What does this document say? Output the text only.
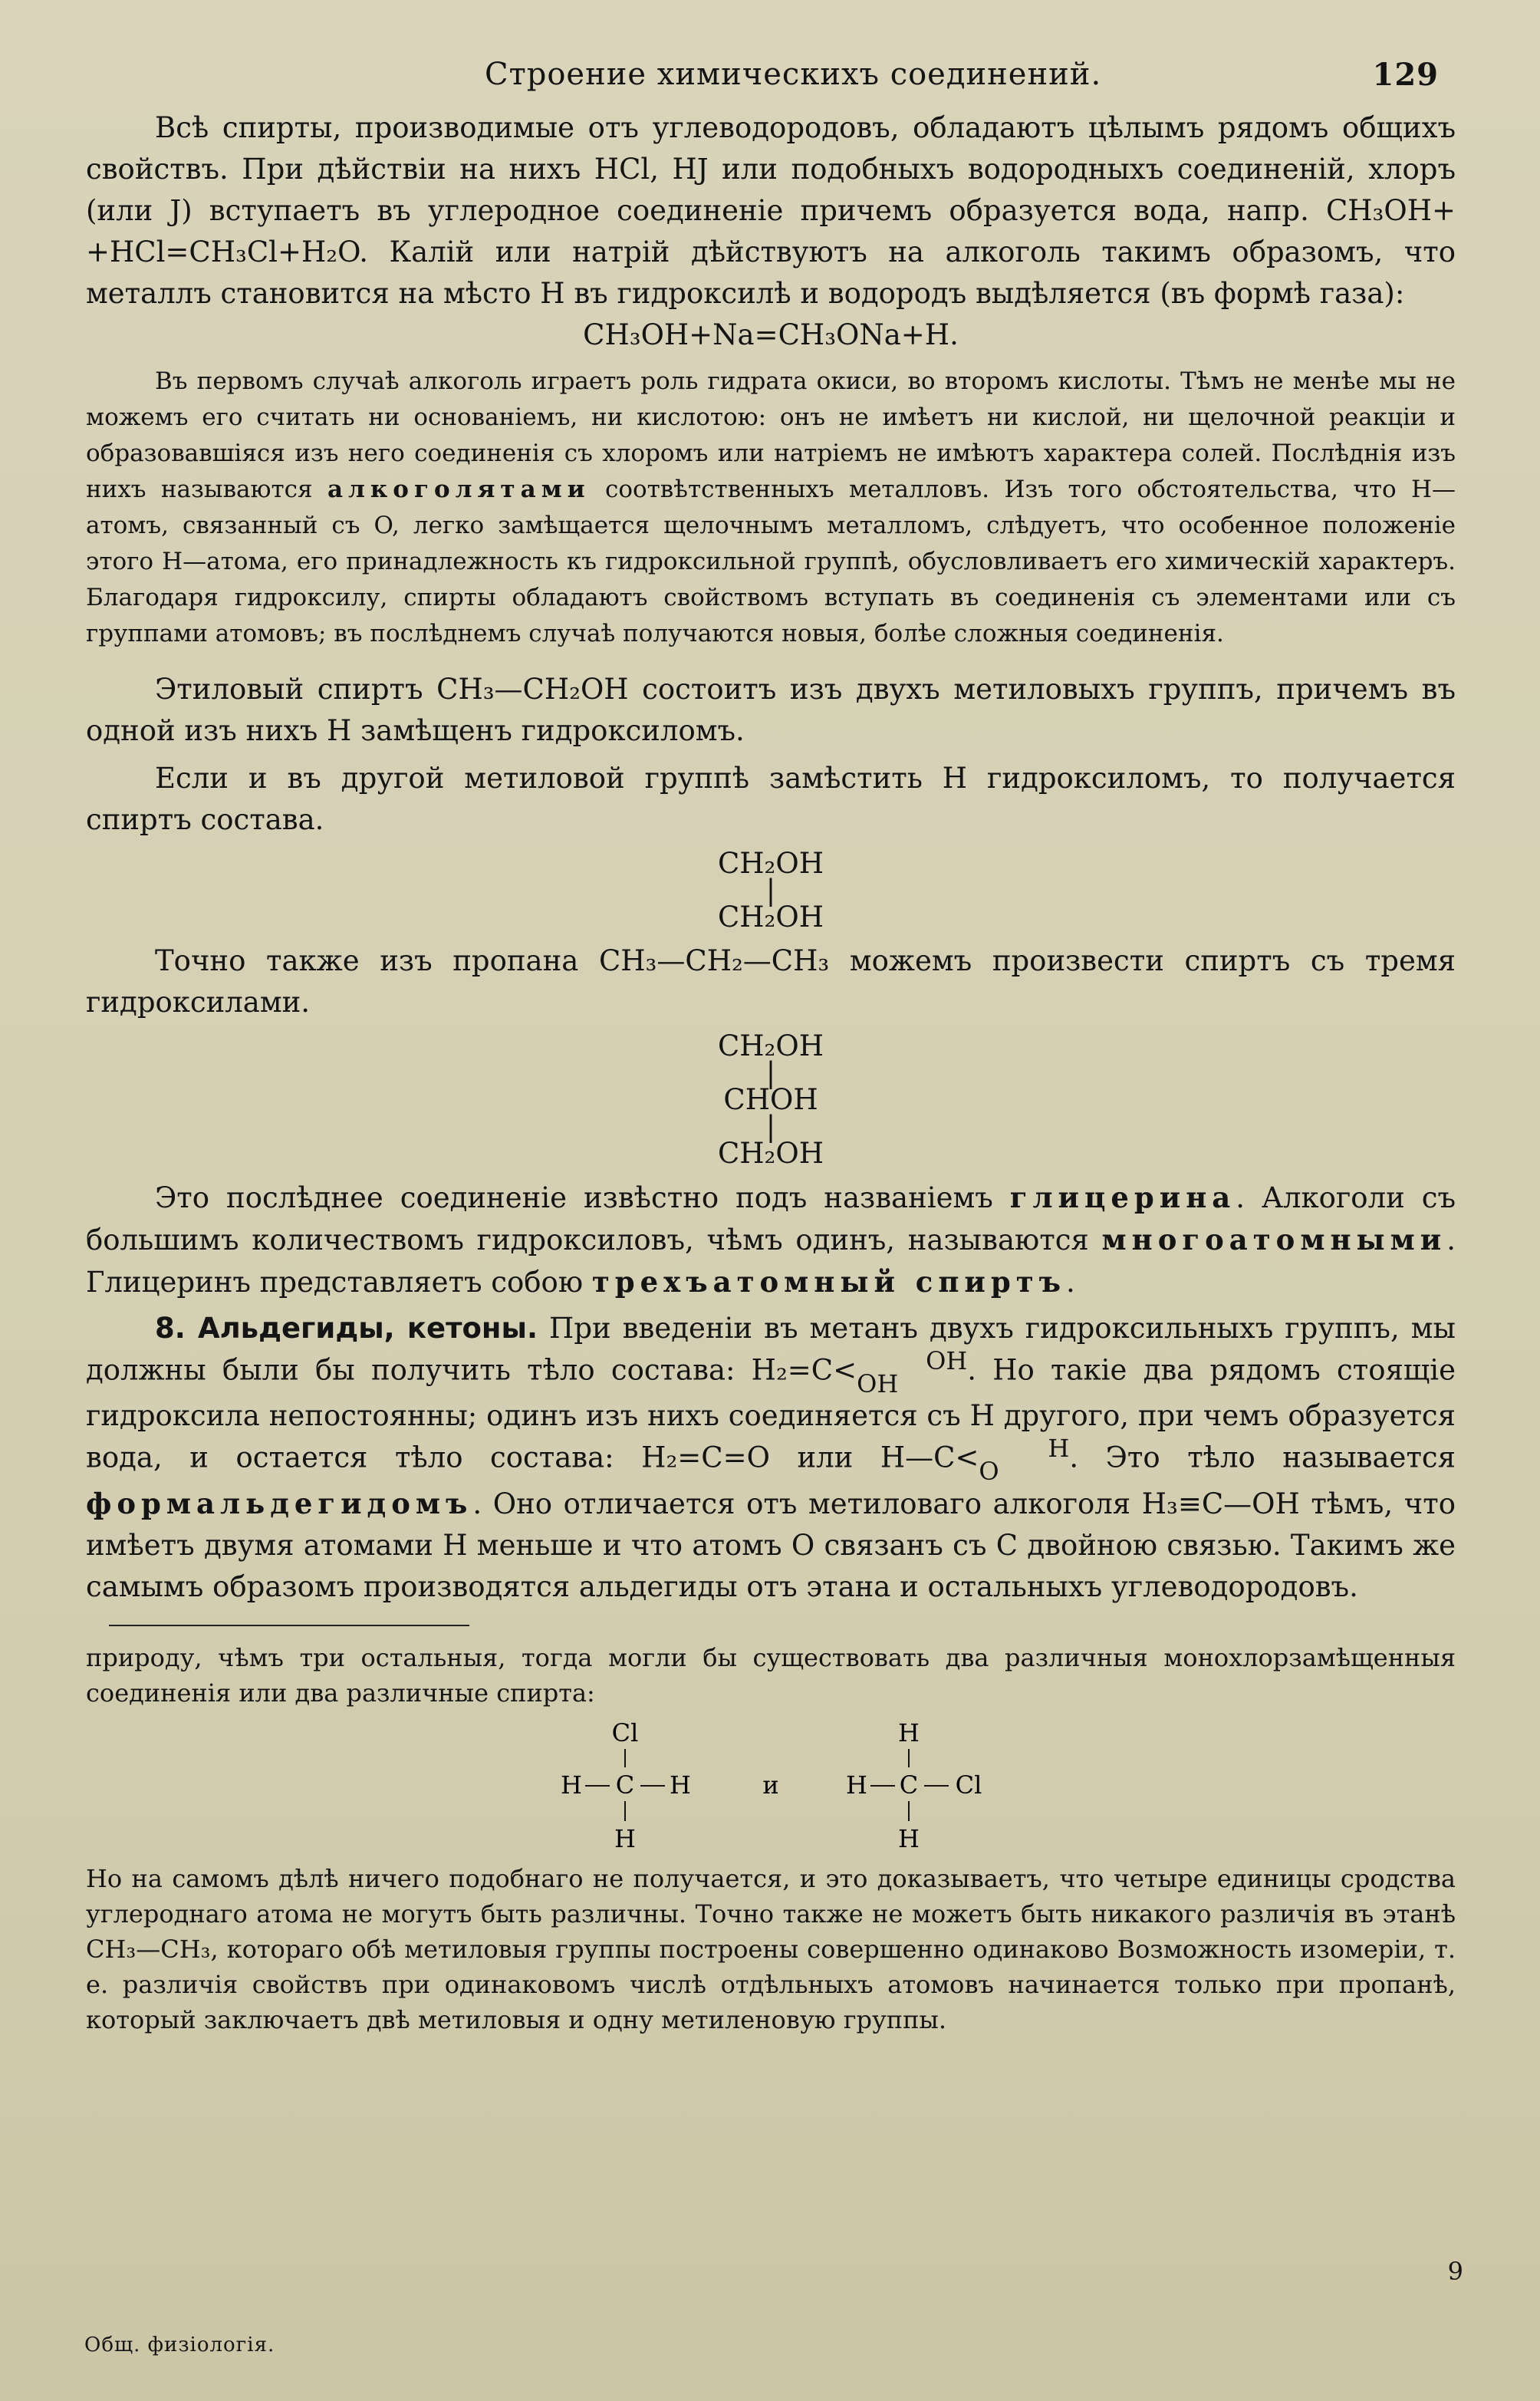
Строение химическихъ соединений.	129

Всѣ спирты, производимые отъ углеводородовъ, обладаютъ цѣлымъ рядомъ общихъ свойствъ. При дѣйствіи на нихъ HCl, HJ или подобныхъ водородныхъ соединеній, хлоръ (или J) вступаетъ въ углеродное соединеніе причемъ образуется вода, напр. CH₃OH+ +HCl=CH₃Cl+H₂O. Калій или натрій дѣйствуютъ на алкоголь такимъ образомъ, что металлъ становится на мѣсто H въ гидроксилѣ и водородъ выдѣляется (въ формѣ газа):

CH₃OH+Na=CH₃ONa+H.

Въ первомъ случаѣ алкоголь играетъ роль гидрата окиси, во второмъ кислоты. Тѣмъ не менѣе мы не можемъ его считать ни основаніемъ, ни кислотою: онъ не имѣетъ ни кислой, ни щелочной реакціи и образовавшіяся изъ него соединенія съ хлоромъ или натріемъ не имѣютъ характера солей. Послѣднія изъ нихъ называются алкоголятами соотвѣтственныхъ металловъ. Изъ того обстоятельства, что H—атомъ, связанный съ O, легко замѣщается щелочнымъ металломъ, слѣдуетъ, что особенное положеніе этого H—атома, его принадлежность къ гидроксильной группѣ, обусловливаетъ его химическій характеръ. Благодаря гидроксилу, спирты обладаютъ свойствомъ вступать въ соединенія съ элементами или съ группами атомовъ; въ послѣднемъ случаѣ получаются новыя, болѣе сложныя соединенія.

Этиловый спиртъ CH₃—CH₂OH состоитъ изъ двухъ метиловыхъ группъ, причемъ въ одной изъ нихъ H замѣщенъ гидроксиломъ.

Если и въ другой метиловой группѣ замѣстить H гидроксиломъ, то получается спиртъ состава.

CH₂OH
|
CH₂OH

Точно также изъ пропана CH₃—CH₂—CH₃ можемъ произвести спиртъ съ тремя гидроксилами.

CH₂OH
|
CHOH
|
CH₂OH

Это послѣднее соединеніе извѣстно подъ названіемъ глицерина. Алкоголи съ большимъ количествомъ гидроксиловъ, чѣмъ одинъ, называются многоатомными. Глицеринъ представляетъ собою трехъатомный спиртъ.

8. Альдегиды, кетоны. При введеніи въ метанъ двухъ гидроксильныхъ группъ, мы должны были бы получить тѣло состава: H₂=C<	OH
OH . Но такіе два рядомъ стоящіе гидроксила непостоянны; одинъ изъ нихъ соединяется съ H другого, при чемъ образуется вода, и остается тѣло состава: H₂=C=O или H—C<	H
O . Это тѣло называется формальдегидомъ. Оно отличается отъ метиловаго алкоголя H₃≡C—OH тѣмъ, что имѣетъ двумя атомами H меньше и что атомъ O связанъ съ C двойною связью. Такимъ же самымъ образомъ производятся альдегиды отъ этана и остальныхъ углеводородовъ.

природу, чѣмъ три остальныя, тогда могли бы существовать два различныя монохлорзамѣщенныя соединенія или два различные спирта:

Cl
H C H
H
и
H
H C Cl
H

Но на самомъ дѣлѣ ничего подобнаго не получается, и это доказываетъ, что четыре единицы сродства углероднаго атома не могутъ быть различны. Точно также не можетъ быть никакого различія въ этанѣ CH₃—CH₃, котораго обѣ метиловыя группы построены совершенно одинаково Возможность изомеріи, т. е. различія свойствъ при одинаковомъ числѣ отдѣльныхъ атомовъ начинается только при пропанѣ, который заключаетъ двѣ метиловыя и одну метиленовую группы.

9
Общ. физіологія.
